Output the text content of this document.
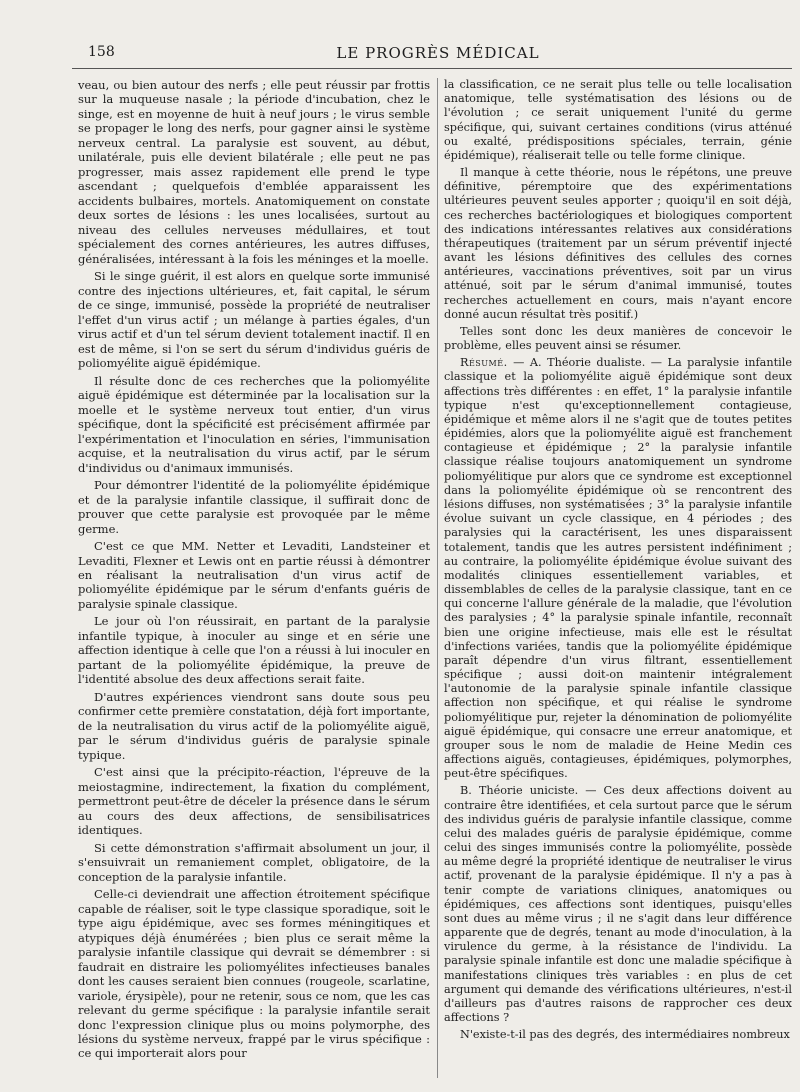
158	LE PROGRÈS MÉDICAL

veau, ou bien autour des nerfs ; elle peut réussir par frottis sur la muqueuse nasale ; la période d'incubation, chez le singe, est en moyenne de huit à neuf jours ; le virus semble se propager le long des nerfs, pour gagner ainsi le système nerveux central. La paralysie est souvent, au début, unilatérale, puis elle devient bilatérale ; elle peut ne pas progresser, mais assez rapidement elle prend le type ascendant ; quelquefois d'emblée apparaissent les accidents bulbaires, mortels. Anatomiquement on constate deux sortes de lésions : les unes localisées, surtout au niveau des cellules nerveuses médullaires, et tout spécialement des cornes antérieures, les autres diffuses, généralisées, intéressant à la fois les méninges et la moelle.

Si le singe guérit, il est alors en quelque sorte immunisé contre des injections ultérieures, et, fait capital, le sérum de ce singe, immunisé, possède la propriété de neutraliser l'effet d'un virus actif ; un mélange à parties égales, d'un virus actif et d'un tel sérum devient totalement inactif. Il en est de même, si l'on se sert du sérum d'individus guéris de poliomyélite aiguë épidémique.

Il résulte donc de ces recherches que la poliomyélite aiguë épidémique est déterminée par la localisation sur la moelle et le système nerveux tout entier, d'un virus spécifique, dont la spécificité est précisément affirmée par l'expérimentation et l'inoculation en séries, l'immunisation acquise, et la neutralisation du virus actif, par le sérum d'individus ou d'animaux immunisés.

Pour démontrer l'identité de la poliomyélite épidémique et de la paralysie infantile classique, il suffirait donc de prouver que cette paralysie est provoquée par le même germe.

C'est ce que MM. Netter et Levaditi, Landsteiner et Levaditi, Flexner et Lewis ont en partie réussi à démontrer en réalisant la neutralisation d'un virus actif de poliomyélite épidémique par le sérum d'enfants guéris de paralysie spinale classique.

Le jour où l'on réussirait, en partant de la paralysie infantile typique, à inoculer au singe et en série une affection identique à celle que l'on a réussi à lui inoculer en partant de la poliomyélite épidémique, la preuve de l'identité absolue des deux affections serait faite.

D'autres expériences viendront sans doute sous peu confirmer cette première constatation, déjà fort importante, de la neutralisation du virus actif de la poliomyélite aiguë, par le sérum d'individus guéris de paralysie spinale typique.

C'est ainsi que la précipito-réaction, l'épreuve de la meiostagmine, indirectement, la fixation du complément, permettront peut-être de déceler la présence dans le sérum au cours des deux affections, de sensibilisatrices identiques.

Si cette démonstration s'affirmait absolument un jour, il s'ensuivrait un remaniement complet, obligatoire, de la conception de la paralysie infantile.

Celle-ci deviendrait une affection étroitement spécifique capable de réaliser, soit le type classique sporadique, soit le type aigu épidémique, avec ses formes méningitiques et atypiques déjà énumérées ; bien plus ce serait même la paralysie infantile classique qui devrait se démembrer : si faudrait en distraire les poliomyélites infectieuses banales dont les causes seraient bien connues (rougeole, scarlatine, variole, érysipèle), pour ne retenir, sous ce nom, que les cas relevant du germe spécifique : la paralysie infantile serait donc l'expression clinique plus ou moins polymorphe, des lésions du système nerveux, frappé par le virus spécifique : ce qui importerait alors pour

la classification, ce ne serait plus telle ou telle localisation anatomique, telle systématisation des lésions ou de l'évolution ; ce serait uniquement l'unité du germe spécifique, qui, suivant certaines conditions (virus atténué ou exalté, prédispositions spéciales, terrain, génie épidémique), réaliserait telle ou telle forme clinique.

Il manque à cette théorie, nous le répétons, une preuve définitive, péremptoire que des expérimentations ultérieures peuvent seules apporter ; quoiqu'il en soit déjà, ces recherches bactériologiques et biologiques comportent des indications intéressantes relatives aux considérations thérapeutiques (traitement par un sérum préventif injecté avant les lésions définitives des cellules des cornes antérieures, vaccinations préventives, soit par un virus atténué, soit par le sérum d'animal immunisé, toutes recherches actuellement en cours, mais n'ayant encore donné aucun résultat très positif.)

Telles sont donc les deux manières de concevoir le problème, elles peuvent ainsi se résumer.

Résumé. — A. Théorie dualiste. — La paralysie infantile classique et la poliomyélite aiguë épidémique sont deux affections très différentes : en effet, 1° la paralysie infantile typique n'est qu'exceptionnellement contagieuse, épidémique et même alors il ne s'agit que de toutes petites épidémies, alors que la poliomyélite aiguë est franchement contagieuse et épidémique ; 2° la paralysie infantile classique réalise toujours anatomiquement un syndrome poliomyélitique pur alors que ce syndrome est exceptionnel dans la poliomyélite épidémique où se rencontrent des lésions diffuses, non systématisées ; 3° la paralysie infantile évolue suivant un cycle classique, en 4 périodes ; des paralysies qui la caractérisent, les unes disparaissent totalement, tandis que les autres persistent indéfiniment ; au contraire, la poliomyélite épidémique évolue suivant des modalités cliniques essentiellement variables, et dissemblables de celles de la paralysie classique, tant en ce qui concerne l'allure générale de la maladie, que l'évolution des paralysies ; 4° la paralysie spinale infantile, reconnaît bien une origine infectieuse, mais elle est le résultat d'infections variées, tandis que la poliomyélite épidémique paraît dépendre d'un virus filtrant, essentiellement spécifique ; aussi doit-on maintenir intégralement l'autonomie de la paralysie spinale infantile classique affection non spécifique, et qui réalise le syndrome poliomyélitique pur, rejeter la dénomination de poliomyélite aiguë épidémique, qui consacre une erreur anatomique, et grouper sous le nom de maladie de Heine Medin ces affections aiguës, contagieuses, épidémiques, polymorphes, peut-être spécifiques.

B. Théorie uniciste. — Ces deux affections doivent au contraire être identifiées, et cela surtout parce que le sérum des individus guéris de paralysie infantile classique, comme celui des malades guéris de paralysie épidémique, comme celui des singes immunisés contre la poliomyélite, possède au même degré la propriété identique de neutraliser le virus actif, provenant de la paralysie épidémique. Il n'y a pas à tenir compte de variations cliniques, anatomiques ou épidémiques, ces affections sont identiques, puisqu'elles sont dues au même virus ; il ne s'agit dans leur différence apparente que de degrés, tenant au mode d'inoculation, à la virulence du germe, à la résistance de l'individu. La paralysie spinale infantile est donc une maladie spécifique à manifestations cliniques très variables : en plus de cet argument qui demande des vérifications ultérieures, n'est-il d'ailleurs pas d'autres raisons de rapprocher ces deux affections ?

N'existe-t-il pas des degrés, des intermédiaires nombreux
